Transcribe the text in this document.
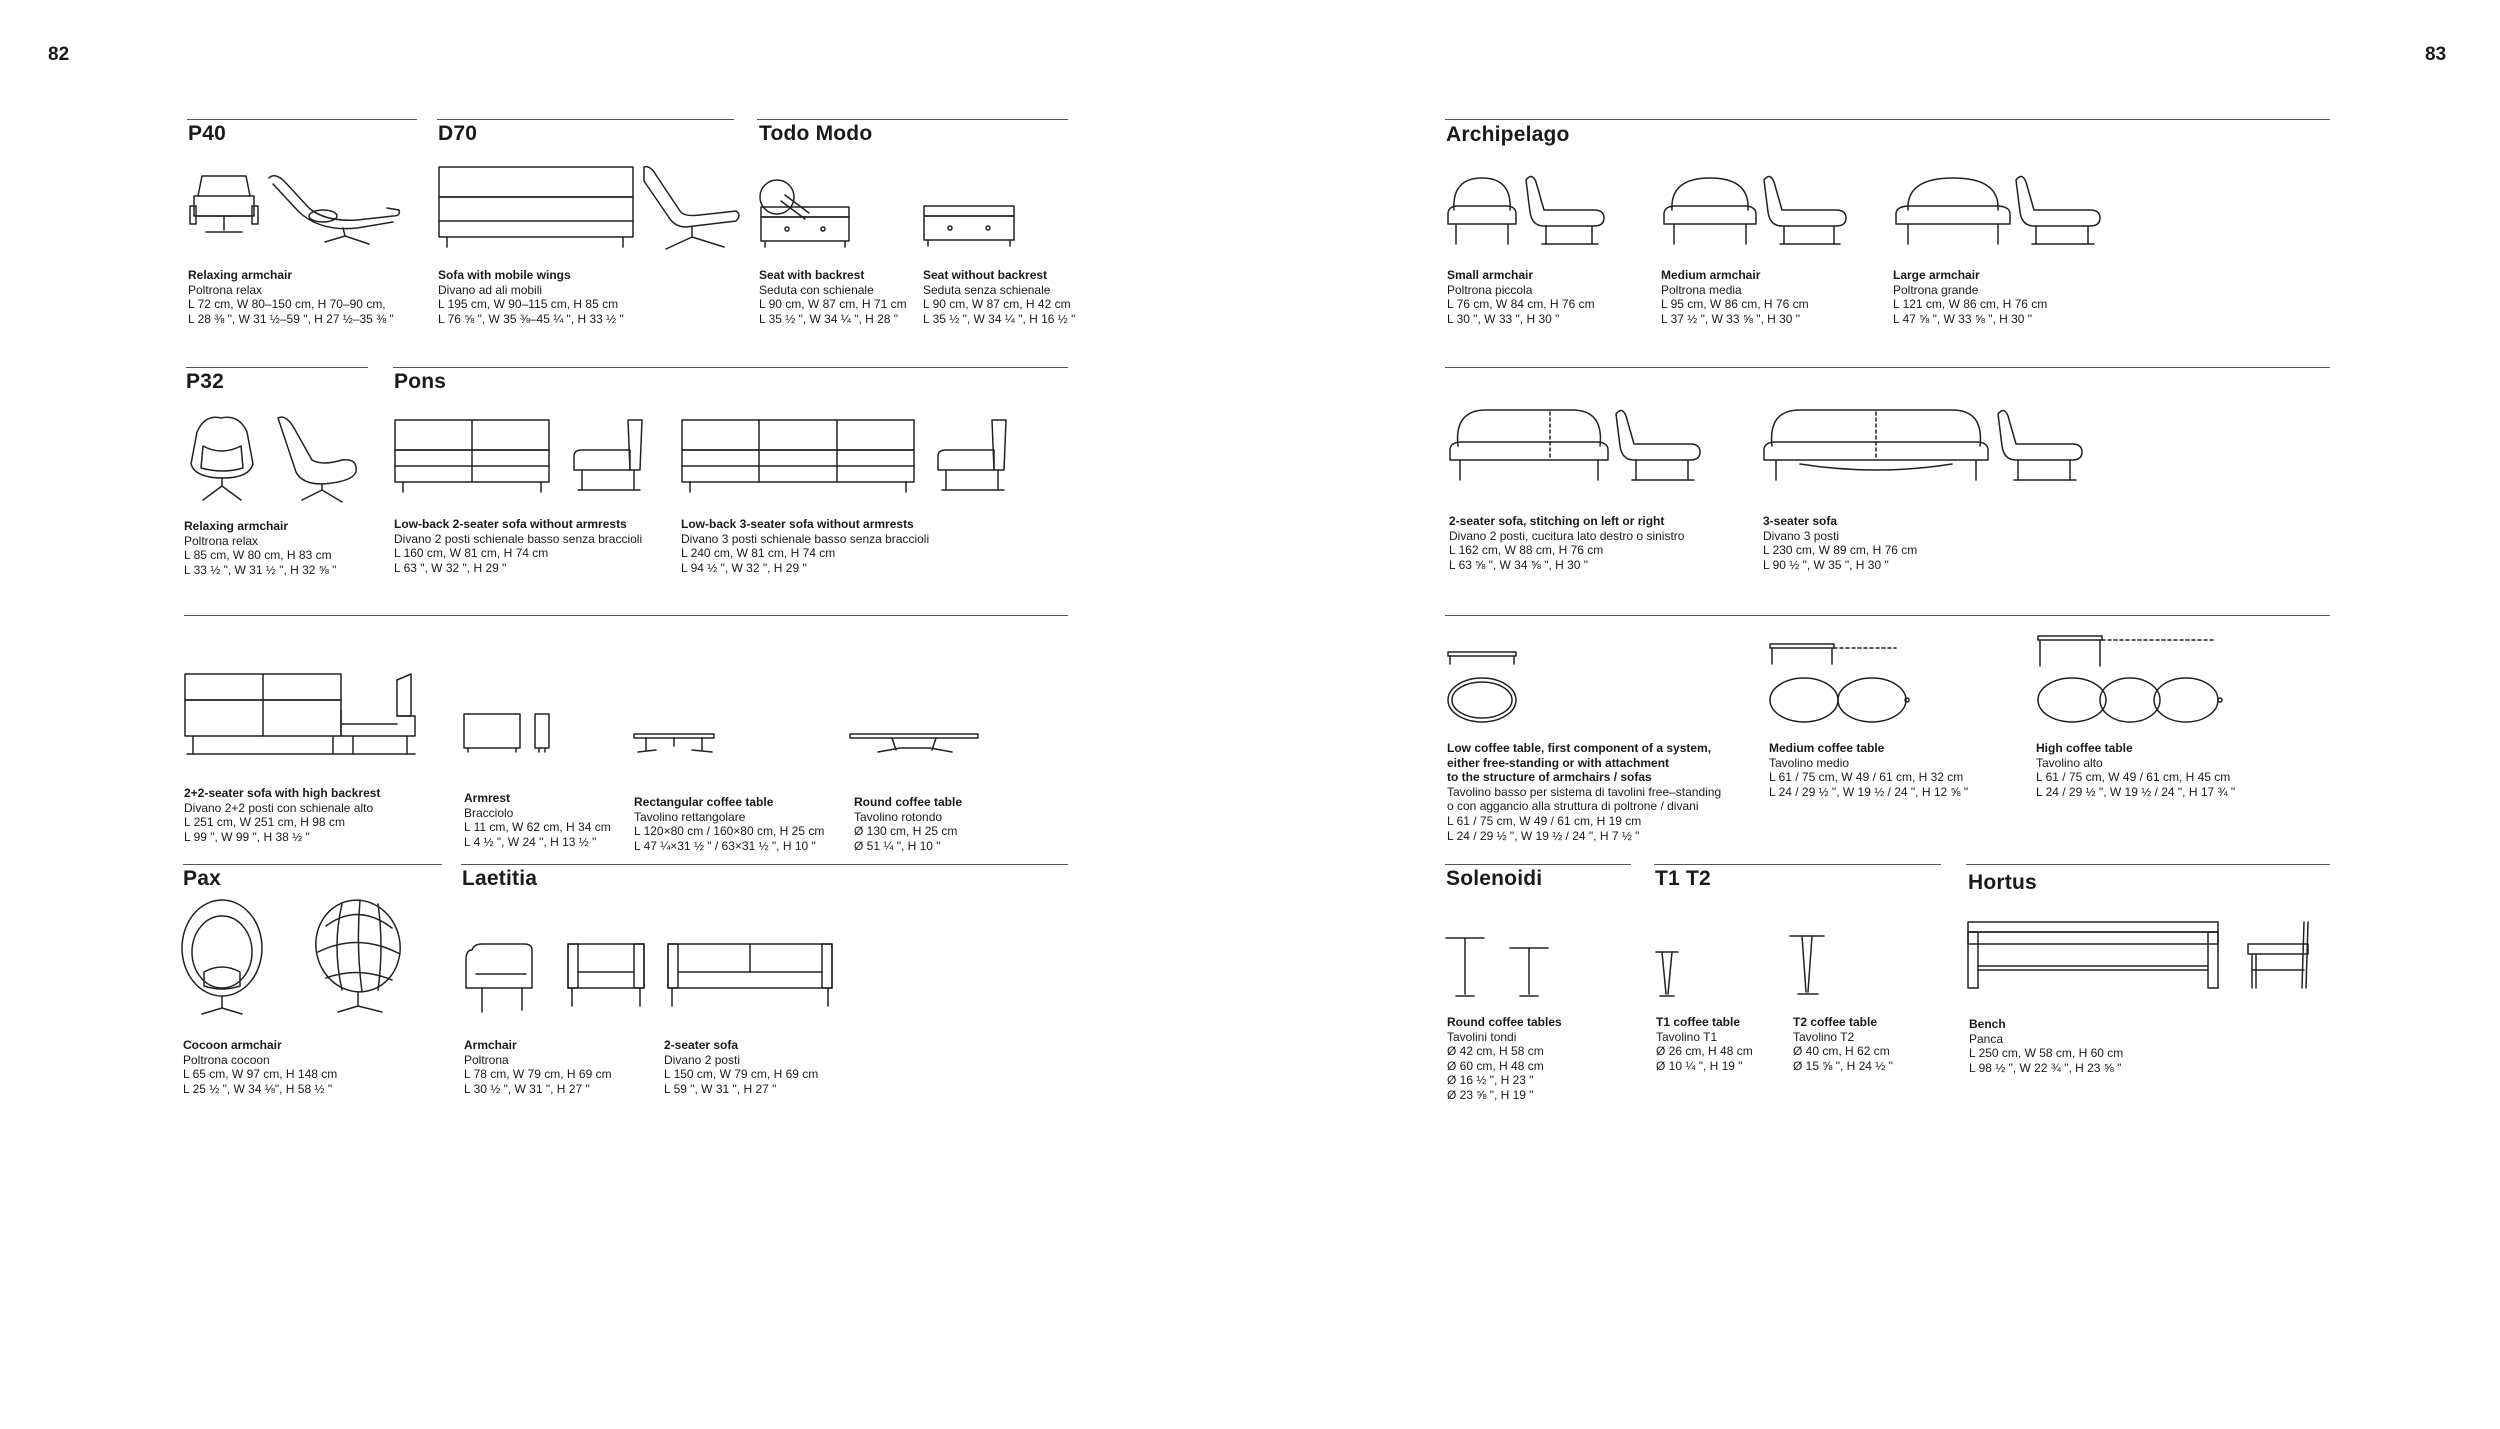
82	83
P40	D70	Todo Modo
Relaxing armchair
Poltrona relax
L 72 cm, W 80–150 cm, H 70–90 cm,
L 28 ⅜ ", W 31 ½–59 ", H 27 ½–35 ⅜ "
Sofa with mobile wings
Divano ad ali mobili
L 195 cm, W 90–115 cm, H 85 cm
L 76 ⅝ ", W 35 ⅜–45 ¼ ", H 33 ½ "
Seat with backrest
Seduta con schienale
L 90 cm, W 87 cm, H 71 cm
L 35 ½ ", W 34 ¼ ", H 28 "
Seat without backrest
Seduta senza schienale
L 90 cm, W 87 cm, H 42 cm
L 35 ½ ", W 34 ¼ ", H 16 ½ "
P32	Pons
Relaxing armchair
Poltrona relax
L 85 cm, W 80 cm, H 83 cm
L 33 ½ ", W 31 ½ ", H 32 ⅝ "
Low-back 2-seater sofa without armrests
Divano 2 posti schienale basso senza braccioli
L 160 cm, W 81 cm, H 74 cm
L 63 ", W 32 ", H 29 "
Low-back 3-seater sofa without armrests
Divano 3 posti schienale basso senza braccioli
L 240 cm, W 81 cm, H 74 cm
L 94 ½ ", W 32 ", H 29 "
2+2-seater sofa with high backrest
Divano 2+2 posti con schienale alto
L 251 cm, W 251 cm, H 98 cm
L 99 ", W 99 ", H 38 ½ "
Armrest
Bracciolo
L 11 cm, W 62 cm, H 34 cm
L 4 ½ ", W 24 ", H 13 ½ "
Rectangular coffee table
Tavolino rettangolare
L 120×80 cm / 160×80 cm, H 25 cm
L 47 ¼×31 ½ " / 63×31 ½ ", H 10 "
Round coffee table
Tavolino rotondo
Ø 130 cm, H 25 cm
Ø 51 ¼ ", H 10 "
Pax	Laetitia
Cocoon armchair
Poltrona cocoon
L 65 cm, W 97 cm, H 148 cm
L 25 ½ ", W 34 ⅛", H 58 ½ "
Armchair
Poltrona
L 78 cm, W 79 cm, H 69 cm
L 30 ½ ", W 31 ", H 27 "
2-seater sofa
Divano 2 posti
L 150 cm, W 79 cm, H 69 cm
L 59 ", W 31 ", H 27 "
Archipelago
Small armchair
Poltrona piccola
L 76 cm, W 84 cm, H 76 cm
L 30 ", W 33 ", H 30 "
Medium armchair
Poltrona media
L 95 cm, W 86 cm, H 76 cm
L 37 ½ ", W 33 ⅝ ", H 30 "
Large armchair
Poltrona grande
L 121 cm, W 86 cm, H 76 cm
L 47 ⅝ ", W 33 ⅝ ", H 30 "
2-seater sofa, stitching on left or right
Divano 2 posti, cucitura lato destro o sinistro
L 162 cm, W 88 cm, H 76 cm
L 63 ⅝ ", W 34 ⅝ ", H 30 "
3-seater sofa
Divano 3 posti
L 230 cm, W 89 cm, H 76 cm
L 90 ½ ", W 35 ", H 30 "
Low coffee table, first component of a system,
either free-standing or with attachment
to the structure of armchairs / sofas
Tavolino basso per sistema di tavolini free–standing
o con aggancio alla struttura di poltrone / divani
L 61 / 75 cm, W 49 / 61 cm, H 19 cm
L 24 / 29 ½ ", W 19 ½ / 24 ", H 7 ½ "
Medium coffee table
Tavolino medio
L 61 / 75 cm, W 49 / 61 cm, H 32 cm
L 24 / 29 ½ ", W 19 ½ / 24 ", H 12 ⅝ "
High coffee table
Tavolino alto
L 61 / 75 cm, W 49 / 61 cm, H 45 cm
L 24 / 29 ½ ", W 19 ½ / 24 ", H 17 ¾ "
Solenoidi	T1 T2	Hortus
Round coffee tables
Tavolini tondi
Ø 42 cm, H 58 cm
Ø 60 cm, H 48 cm
Ø 16 ½ ", H 23 "
Ø 23 ⅝ ", H 19 "
T1 coffee table
Tavolino T1
Ø 26 cm, H 48 cm
Ø 10 ¼ ", H 19 "
T2 coffee table
Tavolino T2
Ø 40 cm, H 62 cm
Ø 15 ⅝ ", H 24 ½ "
Bench
Panca
L 250 cm, W 58 cm, H 60 cm
L 98 ½ ", W 22 ¾ ", H 23 ⅝ "
